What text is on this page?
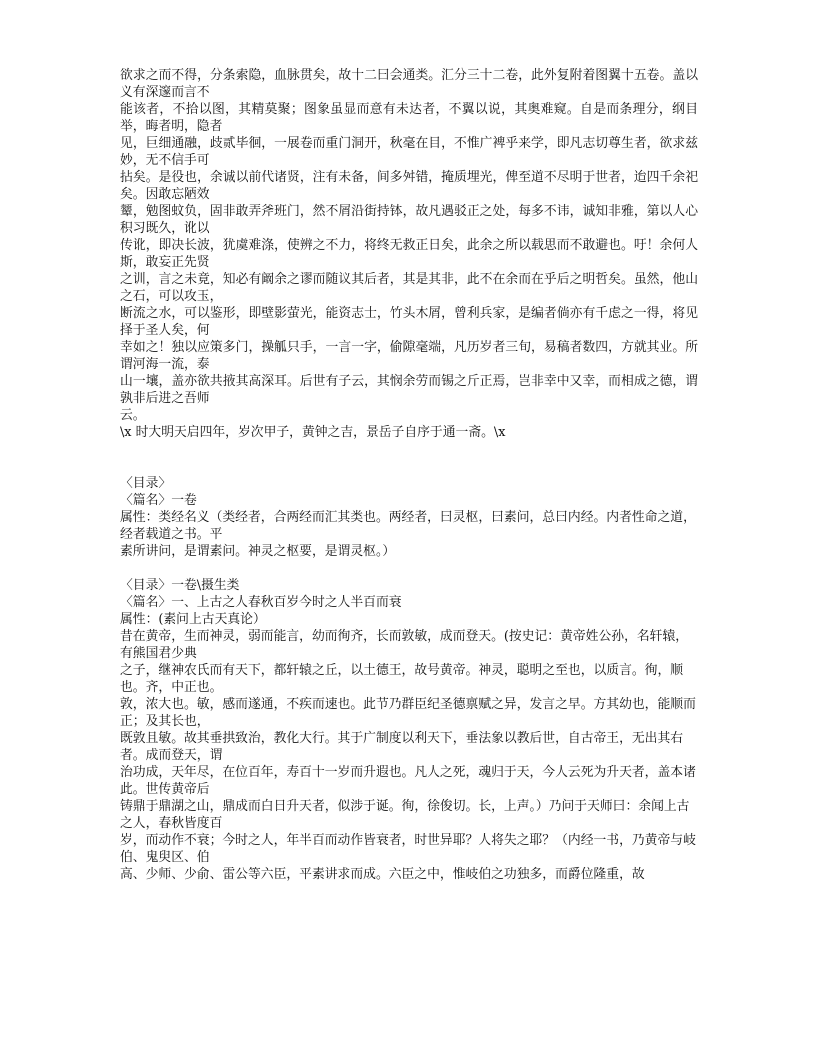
欲求之而不得，分条索隐，血脉贯矣，故十二曰会通类。汇分三十二卷，此外复附着图翼十五卷。盖以义有深邃而言不
能该者，不拾以图，其精莫聚；图象虽显而意有未达者，不翼以说，其奥难窥。自是而条理分，纲目举，晦者明，隐者
见，巨细通融，歧贰毕徊，一展卷而重门洞开，秋毫在目，不惟广裨乎来学，即凡志切尊生者，欲求兹妙，无不信手可
拈矣。是役也，余诚以前代诸贤，注有未备，间多舛错，掩质埋光，俾至道不尽明于世者，迨四千余祀矣。因敢忘陋效
颦，勉图蚊负，固非敢弄斧班门，然不屑沿街持钵，故凡遇驳正之处，每多不讳，诚知非雅，第以人心积习既久，讹以
传讹，即决长波，犹虞难涤，使辨之不力，将终无救正日矣，此余之所以载思而不敢避也。吁！余何人斯，敢妄正先贤
之训，言之未竟，知必有阚余之谬而随议其后者，其是其非，此不在余而在乎后之明哲矣。虽然，他山之石，可以攻玉，
断流之水，可以鉴形，即壁影萤光，能资志士，竹头木屑，曾利兵家，是编者倘亦有千虑之一得，将见择于圣人矣，何
幸如之！独以应策多门，操觚只手，一言一字，偷隙毫端，凡历岁者三旬，易稿者数四，方就其业。所谓河海一流，泰
山一壤，盖亦欲共掖其高深耳。后世有子云，其悯余劳而锡之斤正焉，岂非幸中又幸，而相成之德，谓孰非后进之吾师
云。
\x 时大明天启四年，岁次甲子，黄钟之吉，景岳子自序于通一斋。\x
〈目录〉
〈篇名〉一卷
属性：类经名义（类经者，合两经而汇其类也。两经者，曰灵枢，曰素问，总曰内经。内者性命之道，经者载道之书。平
素所讲问，是谓素问。神灵之枢要，是谓灵枢。）
〈目录〉一卷\摄生类
〈篇名〉一、上古之人春秋百岁今时之人半百而衰
属性：(素问上古天真论）
昔在黄帝，生而神灵，弱而能言，幼而徇齐，长而敦敏，成而登天。(按史记：黄帝姓公孙，名轩辕，有熊国君少典
之子，继神农氏而有天下，都轩辕之丘，以土德王，故号黄帝。神灵，聪明之至也，以质言。徇，顺也。齐，中正也。
敦，浓大也。敏，感而遂通，不疾而速也。此节乃群臣纪圣德禀赋之异，发言之早。方其幼也，能顺而正；及其长也，
既敦且敏。故其垂拱致治，教化大行。其于广制度以利天下，垂法象以教后世，自古帝王，无出其右者。成而登天，谓
治功成，天年尽，在位百年，寿百十一岁而升遐也。凡人之死，魂归于天，今人云死为升天者，盖本诸此。世传黄帝后
铸鼎于鼎湖之山，鼎成而白日升天者，似涉于诞。徇，徐俊切。长，上声。）乃问于天师曰：余闻上古之人，春秋皆度百
岁，而动作不衰；今时之人，年半百而动作皆衰者，时世异耶？人将失之耶？（内经一书，乃黄帝与岐伯、鬼臾区、伯
高、少师、少俞、雷公等六臣，平素讲求而成。六臣之中，惟岐伯之功独多，而爵位隆重，故
